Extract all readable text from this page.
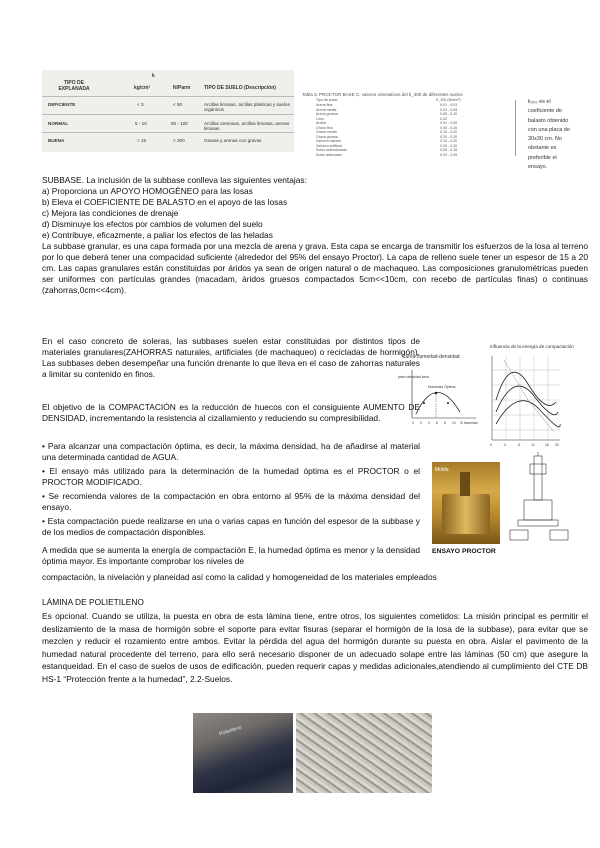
k
TIPO DE
EXPLANADA	kg/cm³	N/Parm	TIPO DE SUELO (Descripción)
DEFICIENTE	< 3	< 50	Arcillas limosas, arcillas plásticas y suelos orgánicos
NORMAL	5 - 10	50 - 100	Arcillas arenosas, arcillas limosas, arenas limosas
BUENA	> 15	> 300	Gravas y arenas con gravas
Tabla 3: PROCTOR BASE C, valores orientativos del k_300 de diferentes suelos
Tipo de suelo	K_300 (N/mm³)
Arena fina	0,01 - 0,03
Arena media	0,03 - 0,05
Arena gruesa	0,05 - 0,10
Limo	0,02
Arcilla	0,01 - 0,05
Grava fina	0,05 - 0,10
Grava media	0,10 - 0,20
Grava gruesa	0,20 - 0,30
Zahorra natural	0,10 - 0,20
Zahorra artificial	0,20 - 0,30
Suelo seleccionado	0,05 - 0,10
Suelo adecuado	0,03 - 0,05
k₃₀₀ es el
coeficiente de
balasto obtenido
con una placa de
30x30 cm. No
obstante es
preferible el
ensayo.
SUBBASE. La inclusión de la subbase conlleva las siguientes ventajas:
a) Proporciona un APOYO HOMOGÉNEO para las losas
b) Eleva el COEFICIENTE DE BALASTO en el apoyo de las losas
c) Mejora las condiciones de drenaje
d) Disminuye los efectos por cambios de volumen del suelo
e) Contribuye, eficazmente, a paliar los efectos de las heladas
La subbase granular, es una capa formada por una mezcla de arena y grava. Esta capa se encarga de transmitir los esfuerzos de la losa al terreno por lo que deberá tener una compacidad suficiente (alrededor del 95% del ensayo Proctor). La capa de relleno suele tener un espesor de 15 a 20 cm. Las capas granulares están constituidas por áridos ya sean de origen natural o de machaqueo. Las composiciones granulométricas pueden ser uniformes con partículas grandes (macadam, áridos gruesos compactados 5cm<<10cm, con recebo de partículas finas) o continuas (zahorras,0cm<<4cm).
En el caso concreto de soleras, las subbases suelen estar constituidas por distintos tipos de materiales granulares(ZAHORRAS naturales, artificiales (de machaqueo) o recicladas de hormigón). Las subbases deben desempeñar una función drenante lo que lleva en el caso de zahorras naturales a limitar su contenido en finos.
El objetivo de la COMPACTACIÓN es la reducción de huecos con el consiguiente AUMENTO DE DENSIDAD, incrementando la resistencia al cizallamiento y reduciendo su compresibilidad.
• Para alcanzar una compactación óptima, es decir, la máxima densidad, ha de añadirse al material una determinada cantidad de AGUA.
• El ensayo más utilizado para la determinación de la humedad óptima es el PROCTOR o el PROCTOR MODIFICADO.
• Se recomienda valores de la compactación en obra entorno al 95% de la máxima densidad del ensayo.
• Esta compactación puede realizarse en una o varias capas en función del espesor de la subbase y de los medios de compactación disponibles.
A medida que se aumenta la energía de compactación E, la humedad óptima es menor y la densidad óptima mayor. Es importante comprobar los niveles de
compactación, la nivelación y planeidad así como la calidad y homogeneidad de los materiales empleados
Curva humedad-densidad
peso densidad seco
Humedad Óptima
0 2 4 6 8 10 % humedad
Influencia de la energía de compactación
0	4	8	12	16 20
Molde
ENSAYO PROCTOR
LÁMINA DE POLIETILENO
Es opcional. Cuando se utiliza, la puesta en obra de esta lámina tiene, entre otros, los siguientes cometidos: La misión principal es permitir el deslizamiento de la masa de hormigón sobre el soporte para evitar fisuras (separar el hormigón de la losa de la subbase), para evitar que se mezclen y reducir el rozamiento entre ambos. Evitar la pérdida del agua del hormigón durante su puesta en obra. Aislar el pavimento de la humedad natural procedente del terreno, para ello será necesario disponer de un adecuado solape entre las láminas (50 cm) que asegure la estanqueidad. En el caso de suelos de usos de edificación, pueden requerir capas y medidas adicionales,atendiendo al cumplimiento del CTE DB HS-1 “Protección frente a la humedad”, 2.2-Suelos.
Polietileno
